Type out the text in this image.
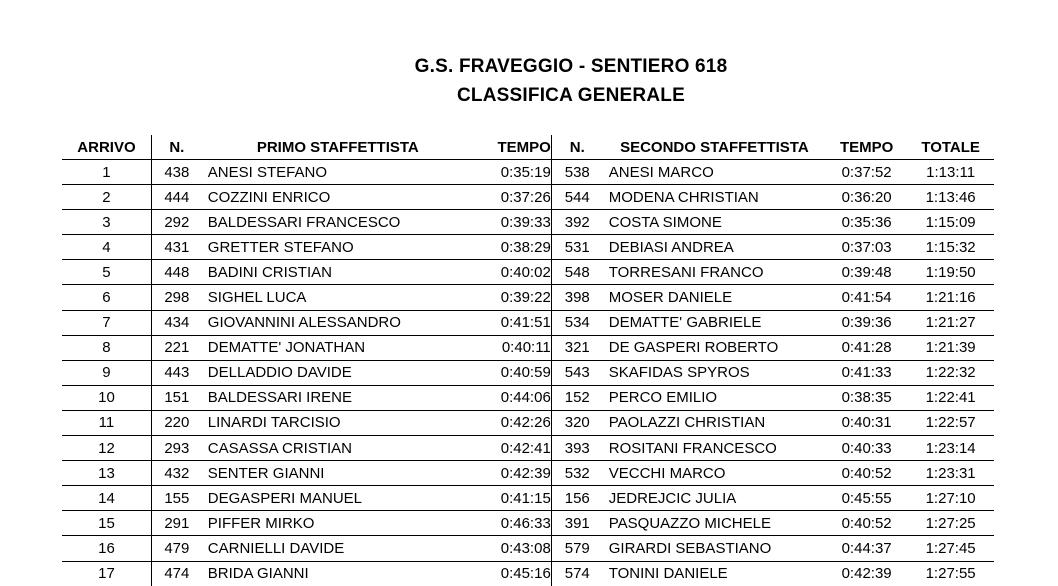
G.S. FRAVEGGIO - SENTIERO 618
CLASSIFICA GENERALE
ARRIVO	N.	PRIMO STAFFETTISTA	TEMPO	N.	SECONDO STAFFETTISTA	TEMPO	TOTALE
1	438	ANESI STEFANO	0:35:19	538	ANESI MARCO	0:37:52	1:13:11
2	444	COZZINI ENRICO	0:37:26	544	MODENA CHRISTIAN	0:36:20	1:13:46
3	292	BALDESSARI FRANCESCO	0:39:33	392	COSTA SIMONE	0:35:36	1:15:09
4	431	GRETTER STEFANO	0:38:29	531	DEBIASI ANDREA	0:37:03	1:15:32
5	448	BADINI CRISTIAN	0:40:02	548	TORRESANI FRANCO	0:39:48	1:19:50
6	298	SIGHEL LUCA	0:39:22	398	MOSER DANIELE	0:41:54	1:21:16
7	434	GIOVANNINI ALESSANDRO	0:41:51	534	DEMATTE' GABRIELE	0:39:36	1:21:27
8	221	DEMATTE' JONATHAN	0:40:11	321	DE GASPERI ROBERTO	0:41:28	1:21:39
9	443	DELLADDIO DAVIDE	0:40:59	543	SKAFIDAS SPYROS	0:41:33	1:22:32
10	151	BALDESSARI IRENE	0:44:06	152	PERCO EMILIO	0:38:35	1:22:41
11	220	LINARDI TARCISIO	0:42:26	320	PAOLAZZI CHRISTIAN	0:40:31	1:22:57
12	293	CASASSA CRISTIAN	0:42:41	393	ROSITANI FRANCESCO	0:40:33	1:23:14
13	432	SENTER GIANNI	0:42:39	532	VECCHI MARCO	0:40:52	1:23:31
14	155	DEGASPERI MANUEL	0:41:15	156	JEDREJCIC JULIA	0:45:55	1:27:10
15	291	PIFFER MIRKO	0:46:33	391	PASQUAZZO MICHELE	0:40:52	1:27:25
16	479	CARNIELLI DAVIDE	0:43:08	579	GIRARDI SEBASTIANO	0:44:37	1:27:45
17	474	BRIDA GIANNI	0:45:16	574	TONINI DANIELE	0:42:39	1:27:55
